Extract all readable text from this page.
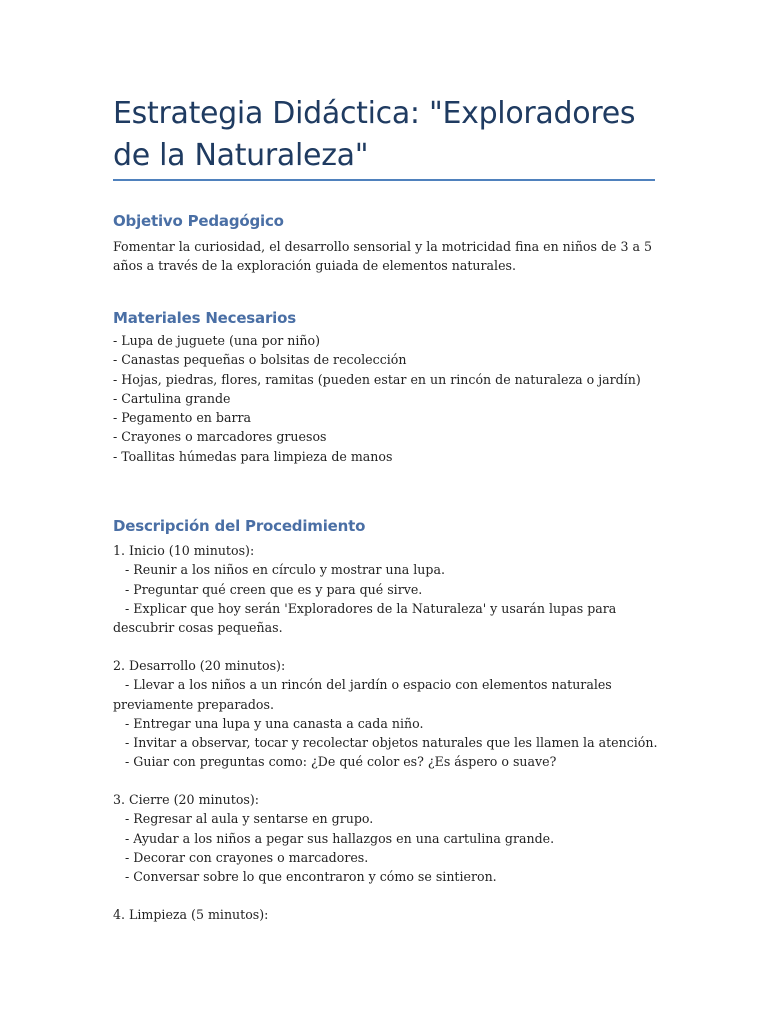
Estrategia Didáctica: "Exploradores de la Naturaleza"
Objetivo Pedagógico

Fomentar la curiosidad, el desarrollo sensorial y la motricidad fina en niños de 3 a 5 años a través de la exploración guiada de elementos naturales.

Materiales Necesarios
- Lupa de juguete (una por niño)
- Canastas pequeñas o bolsitas de recolección
- Hojas, piedras, flores, ramitas (pueden estar en un rincón de naturaleza o jardín)
- Cartulina grande
- Pegamento en barra
- Crayones o marcadores gruesos
- Toallitas húmedas para limpieza de manos
Descripción del Procedimiento
1. Inicio (10 minutos):
- Reunir a los niños en círculo y mostrar una lupa.
- Preguntar qué creen que es y para qué sirve.
- Explicar que hoy serán 'Exploradores de la Naturaleza' y usarán lupas para descubrir cosas pequeñas.
2. Desarrollo (20 minutos):
- Llevar a los niños a un rincón del jardín o espacio con elementos naturales previamente preparados.
- Entregar una lupa y una canasta a cada niño.
- Invitar a observar, tocar y recolectar objetos naturales que les llamen la atención.
- Guiar con preguntas como: ¿De qué color es? ¿Es áspero o suave?
3. Cierre (20 minutos):
- Regresar al aula y sentarse en grupo.
- Ayudar a los niños a pegar sus hallazgos en una cartulina grande.
- Decorar con crayones o marcadores.
- Conversar sobre lo que encontraron y cómo se sintieron.
4. Limpieza (5 minutos):
